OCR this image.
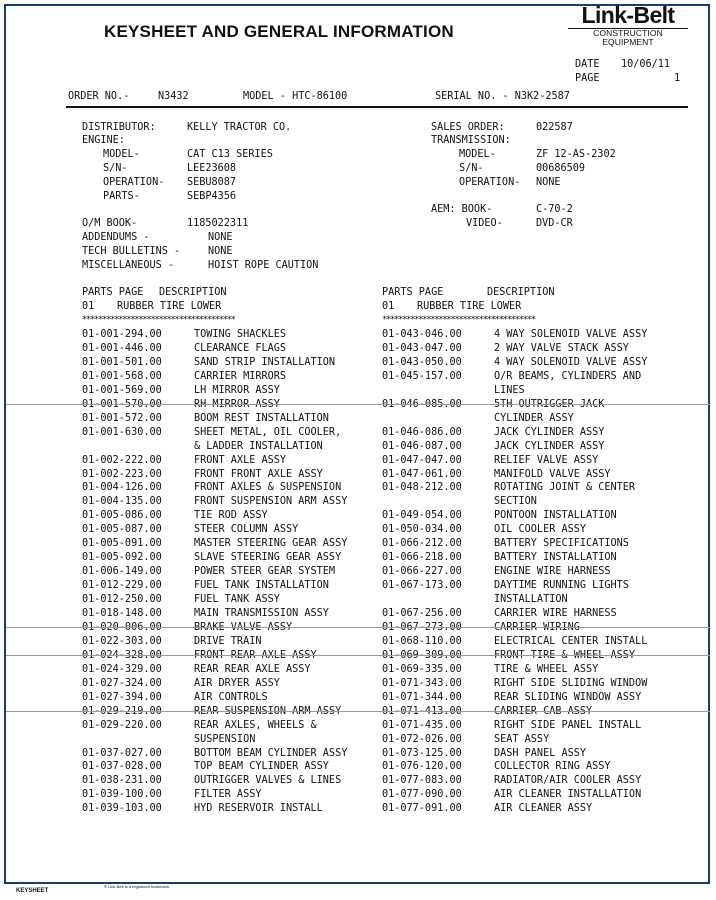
KEYSHEET AND GENERAL INFORMATION
Link-Belt
CONSTRUCTION EQUIPMENT
DATE 10/06/11
PAGE	1
ORDER NO.-	N3432	MODEL - HTC-86100	SERIAL NO. - N3K2-2587
DISTRIBUTOR:	KELLY TRACTOR CO.
ENGINE:
MODEL-	CAT C13 SERIES
S/N-	LEE23608
OPERATION- SEBU8087
PARTS-	SEBP4356
SALES ORDER:	022587
TRANSMISSION:
MODEL-	ZF 12-AS-2302
S/N-	00686509
OPERATION- NONE
AEM: BOOK-	C-70-2
VIDEO-	DVD-CR
O/M BOOK-	1185022311
ADDENDUMS -	NONE
TECH BULLETINS -	NONE
MISCELLANEOUS -	HOIST ROPE CAUTION
PARTS PAGE DESCRIPTION
01 RUBBER TIRE LOWER
**************************************
PARTS PAGE	DESCRIPTION
01 RUBBER TIRE LOWER
**************************************
01-001-294.00	TOWING SHACKLES
01-001-446.00	CLEARANCE FLAGS
01-001-501.00	SAND STRIP INSTALLATION
01-001-568.00	CARRIER MIRRORS
01-001-569.00	LH MIRROR ASSY
01-001-570.00	RH MIRROR ASSY
01-001-572.00	BOOM REST INSTALLATION
01-001-630.00	SHEET METAL, OIL COOLER,
& LADDER INSTALLATION
01-002-222.00	FRONT AXLE ASSY
01-002-223.00	FRONT FRONT AXLE ASSY
01-004-126.00	FRONT AXLES & SUSPENSION
01-004-135.00	FRONT SUSPENSION ARM ASSY
01-005-086.00	TIE ROD ASSY
01-005-087.00	STEER COLUMN ASSY
01-005-091.00	MASTER STEERING GEAR ASSY
01-005-092.00	SLAVE STEERING GEAR ASSY
01-006-149.00	POWER STEER GEAR SYSTEM
01-012-229.00	FUEL TANK INSTALLATION
01-012-250.00	FUEL TANK ASSY
01-018-148.00	MAIN TRANSMISSION ASSY
01-020-006.00	BRAKE VALVE ASSY
01-022-303.00	DRIVE TRAIN
01-024-328.00	FRONT REAR AXLE ASSY
01-024-329.00	REAR REAR AXLE ASSY
01-027-324.00	AIR DRYER ASSY
01-027-394.00	AIR CONTROLS
01-029-219.00	REAR SUSPENSION ARM ASSY
01-029-220.00	REAR AXLES, WHEELS &
SUSPENSION
01-037-027.00	BOTTOM BEAM CYLINDER ASSY
01-037-028.00	TOP BEAM CYLINDER ASSY
01-038-231.00	OUTRIGGER VALVES & LINES
01-039-100.00	FILTER ASSY
01-039-103.00	HYD RESERVOIR INSTALL
01-043-046.00	4 WAY SOLENOID VALVE ASSY
01-043-047.00	2 WAY VALVE STACK ASSY
01-043-050.00	4 WAY SOLENOID VALVE ASSY
01-045-157.00	O/R BEAMS, CYLINDERS AND
LINES
01-046-085.00	5TH OUTRIGGER JACK
CYLINDER ASSY
01-046-086.00	JACK CYLINDER ASSY
01-046-087.00	JACK CYLINDER ASSY
01-047-047.00	RELIEF VALVE ASSY
01-047-061.00	MANIFOLD VALVE ASSY
01-048-212.00	ROTATING JOINT & CENTER
SECTION
01-049-054.00	PONTOON INSTALLATION
01-050-034.00	OIL COOLER ASSY
01-066-212.00	BATTERY SPECIFICATIONS
01-066-218.00	BATTERY INSTALLATION
01-066-227.00	ENGINE WIRE HARNESS
01-067-173.00	DAYTIME RUNNING LIGHTS
INSTALLATION
01-067-256.00	CARRIER WIRE HARNESS
01-067-273.00	CARRIER WIRING
01-068-110.00	ELECTRICAL CENTER INSTALL
01-069-309.00	FRONT TIRE & WHEEL ASSY
01-069-335.00	TIRE & WHEEL ASSY
01-071-343.00	RIGHT SIDE SLIDING WINDOW
01-071-344.00	REAR SLIDING WINDOW ASSY
01-071-413.00	CARRIER CAB ASSY
01-071-435.00	RIGHT SIDE PANEL INSTALL
01-072-026.00	SEAT ASSY
01-073-125.00	DASH PANEL ASSY
01-076-120.00	COLLECTOR RING ASSY
01-077-083.00	RADIATOR/AIR COOLER ASSY
01-077-090.00	AIR CLEANER INSTALLATION
01-077-091.00	AIR CLEANER ASSY
KEYSHEET
® Link-Belt is a registered trademark.
